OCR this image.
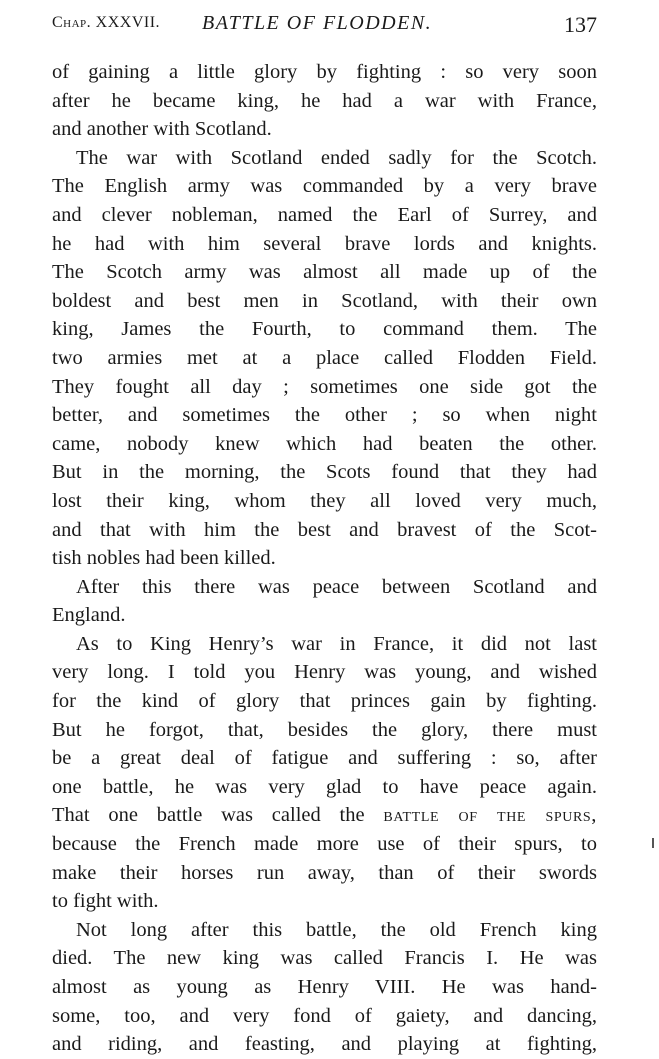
Chap. XXXVII. BATTLE OF FLODDEN.	137
of gaining a little glory by fighting : so very soon
after he became king, he had a war with France,
and another with Scotland.
The war with Scotland ended sadly for the Scotch.
The English army was commanded by a very brave
and clever nobleman, named the Earl of Surrey, and
he had with him several brave lords and knights.
The Scotch army was almost all made up of the
boldest and best men in Scotland, with their own
king, James the Fourth, to command them. The
two armies met at a place called Flodden Field.
They fought all day ; sometimes one side got the
better, and sometimes the other ; so when night
came, nobody knew which had beaten the other.
But in the morning, the Scots found that they had
lost their king, whom they all loved very much,
and that with him the best and bravest of the Scot-
tish nobles had been killed.
After this there was peace between Scotland and
England.
As to King Henry’s war in France, it did not last
very long. I told you Henry was young, and wished
for the kind of glory that princes gain by fighting.
But he forgot, that, besides the glory, there must
be a great deal of fatigue and suffering : so, after
one battle, he was very glad to have peace again.
That one battle was called the battle of the spurs,
because the French made more use of their spurs, to
make their horses run away, than of their swords
to fight with.
Not long after this battle, the old French king
died. The new king was called Francis I. He was
almost as young as Henry VIII. He was hand-
some, too, and very fond of gaiety, and dancing,
and riding, and feasting, and playing at fighting,
